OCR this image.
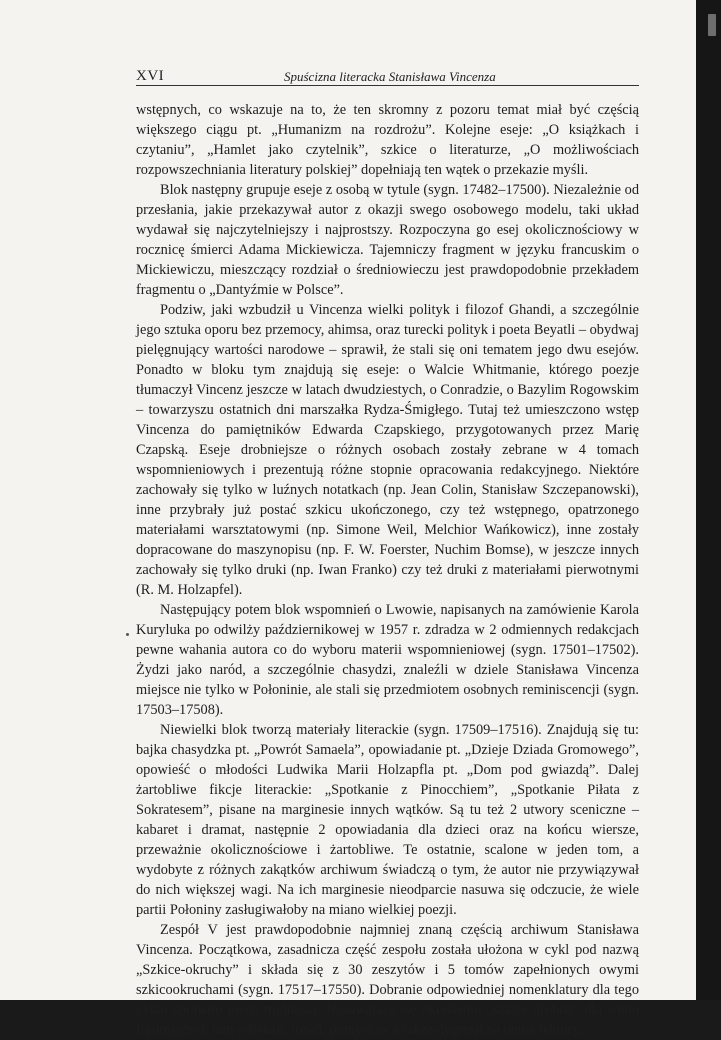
XVI	Spuścizna literacka Stanisława Vincenza

wstępnych, co wskazuje na to, że ten skromny z pozoru temat miał być częścią większego ciągu pt. „Humanizm na rozdrożu”. Kolejne eseje: „O książkach i czytaniu”, „Hamlet jako czytelnik”, szkice o literaturze, „O możliwościach rozpowszechniania literatury polskiej” dopełniają ten wątek o przekazie myśli.

Blok następny grupuje eseje z osobą w tytule (sygn. 17482–17500). Niezależnie od przesłania, jakie przekazywał autor z okazji swego osobowego modelu, taki układ wydawał się najczytelniejszy i najprostszy. Rozpoczyna go esej okolicznościowy w rocznicę śmierci Adama Mickiewicza. Tajemniczy fragment w języku francuskim o Mickiewiczu, mieszczący rozdział o średniowieczu jest prawdopodobnie przekładem fragmentu o „Dantyźmie w Polsce”.

Podziw, jaki wzbudził u Vincenza wielki polityk i filozof Ghandi, a szczególnie jego sztuka oporu bez przemocy, ahimsa, oraz turecki polityk i poeta Beyatli – obydwaj pielęgnujący wartości narodowe – sprawił, że stali się oni tematem jego dwu esejów. Ponadto w bloku tym znajdują się eseje: o Walcie Whitmanie, którego poezje tłumaczył Vincenz jeszcze w latach dwudziestych, o Conradzie, o Bazylim Rogowskim – towarzyszu ostatnich dni marszałka Rydza-Śmigłego. Tutaj też umieszczono wstęp Vincenza do pamiętników Edwarda Czapskiego, przygotowanych przez Marię Czapską. Eseje drobniejsze o różnych osobach zostały zebrane w 4 tomach wspomnieniowych i prezentują różne stopnie opracowania redakcyjnego. Niektóre zachowały się tylko w luźnych notatkach (np. Jean Colin, Stanisław Szczepanowski), inne przybrały już postać szkicu ukończonego, czy też wstępnego, opatrzonego materiałami warsztatowymi (np. Simone Weil, Melchior Wańkowicz), inne zostały dopracowane do maszynopisu (np. F. W. Foerster, Nuchim Bomse), w jeszcze innych zachowały się tylko druki (np. Iwan Franko) czy też druki z materiałami pierwotnymi (R. M. Holzapfel).

Następujący potem blok wspomnień o Lwowie, napisanych na zamówienie Karola Kuryluka po odwilży październikowej w 1957 r. zdradza w 2 odmiennych redakcjach pewne wahania autora co do wyboru materii wspomnieniowej (sygn. 17501–17502). Żydzi jako naród, a szczególnie chasydzi, znaleźli w dziele Stanisława Vincenza miejsce nie tylko w Połoninie, ale stali się przedmiotem osobnych reminiscencji (sygn. 17503–17508).

Niewielki blok tworzą materiały literackie (sygn. 17509–17516). Znajdują się tu: bajka chasydzka pt. „Powrót Samaela”, opowiadanie pt. „Dzieje Dziada Gromowego”, opowieść o młodości Ludwika Marii Holzapfla pt. „Dom pod gwiazdą”. Dalej żartobliwe fikcje literackie: „Spotkanie z Pinocchiem”, „Spotkanie Piłata z Sokratesem”, pisane na marginesie innych wątków. Są tu też 2 utwory sceniczne – kabaret i dramat, następnie 2 opowiadania dla dzieci oraz na końcu wiersze, przeważnie okolicznościowe i żartobliwe. Te ostatnie, scalone w jeden tom, a wydobyte z różnych zakątków archiwum świadczą o tym, że autor nie przywiązywał do nich większej wagi. Na ich marginesie nieodparcie nasuwa się odczucie, że wiele partii Połoniny zasługiwałoby na miano wielkiej poezji.

Zespół V jest prawdopodobnie najmniej znaną częścią archiwum Stanisława Vincenza. Początkowa, zasadnicza część zespołu została ułożona w cykl pod nazwą „Szkice-okruchy” i składa się z 30 zeszytów i 5 tomów zapełnionych owymi szkicookruchami (sygn. 17517–17550). Dobranie odpowiedniej nomenklatury dla tego cyklu sprawiło nieco trudności. Nasuwające się określenie „szkice drobne” dla wielu figurujących tam refleksji, treści, pomysłów a także dygresji na temat lektury,
